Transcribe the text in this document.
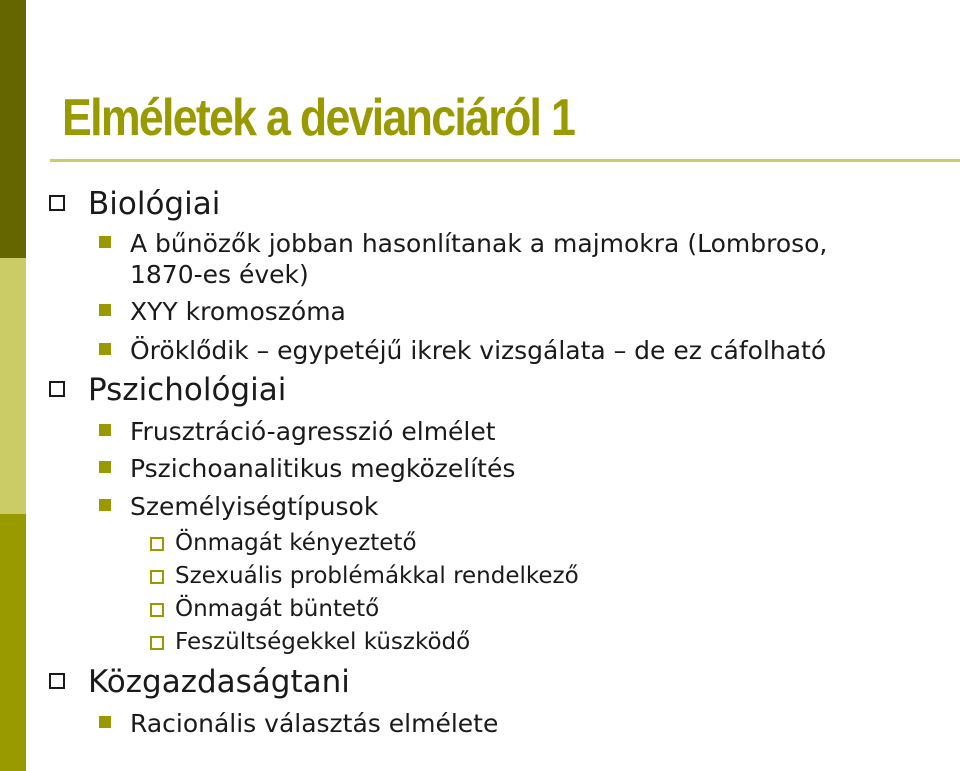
Elméletek a devianciáról 1
Biológiai
A bűnözők jobban hasonlítanak a majmokra (Lombroso,
1870-es évek)
XYY kromoszóma
Öröklődik – egypetéjű ikrek vizsgálata – de ez cáfolható
Pszichológiai
Frusztráció-agresszió elmélet
Pszichoanalitikus megközelítés
Személyiségtípusok
Önmagát kényeztető
Szexuális problémákkal rendelkező
Önmagát büntető
Feszültségekkel küszködő
Közgazdaságtani
Racionális választás elmélete
